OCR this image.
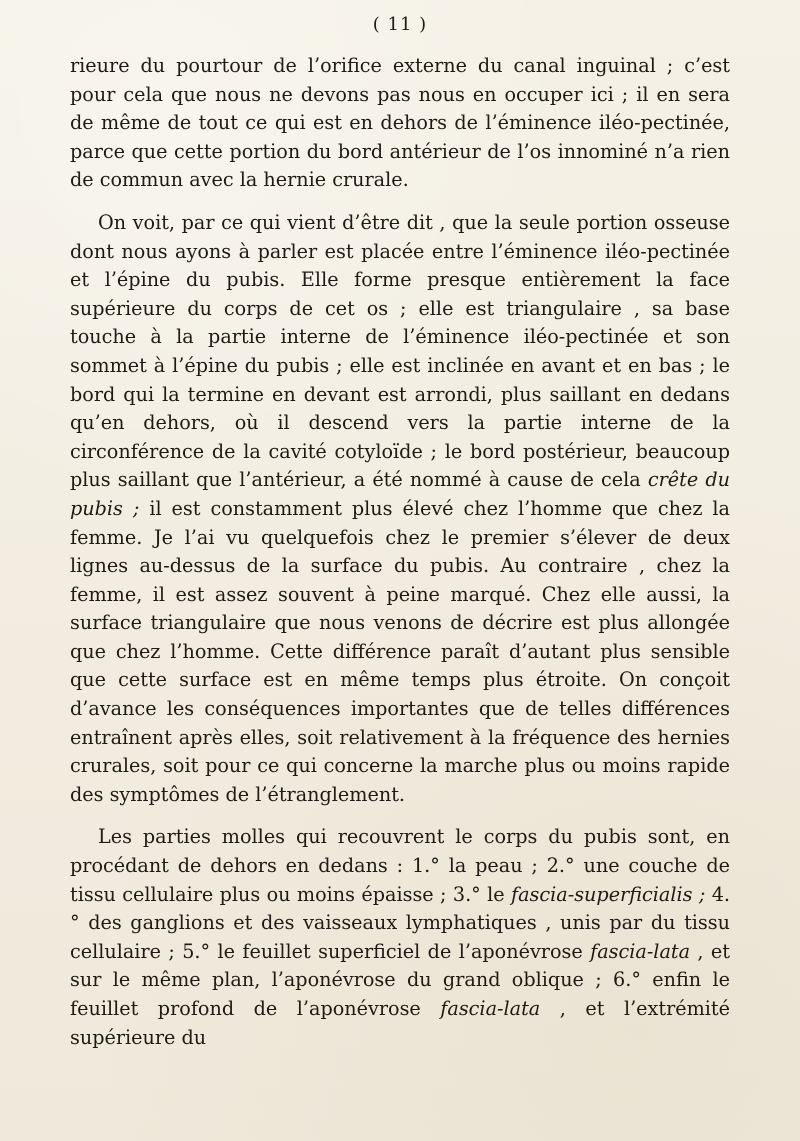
( 11 )

rieure du pourtour de l’orifice externe du canal inguinal ; c’est pour cela que nous ne devons pas nous en occuper ici ; il en sera de même de tout ce qui est en dehors de l’éminence iléo-pectinée, parce que cette portion du bord antérieur de l’os innominé n’a rien de commun avec la hernie crurale.

On voit, par ce qui vient d’être dit , que la seule portion osseuse dont nous ayons à parler est placée entre l’éminence iléo-pectinée et l’épine du pubis. Elle forme presque entièrement la face supérieure du corps de cet os ; elle est triangulaire , sa base touche à la partie interne de l’éminence iléo-pectinée et son sommet à l’épine du pubis ; elle est inclinée en avant et en bas ; le bord qui la termine en devant est arrondi, plus saillant en dedans qu’en dehors, où il descend vers la partie interne de la circonférence de la cavité cotyloïde ; le bord postérieur, beaucoup plus saillant que l’antérieur, a été nommé à cause de cela crête du pubis ; il est constamment plus élevé chez l’homme que chez la femme. Je l’ai vu quelquefois chez le premier s’élever de deux lignes au-dessus de la surface du pubis. Au contraire , chez la femme, il est assez souvent à peine marqué. Chez elle aussi, la surface triangulaire que nous venons de décrire est plus allongée que chez l’homme. Cette différence paraît d’autant plus sensible que cette surface est en même temps plus étroite. On conçoit d’avance les conséquences importantes que de telles différences entraînent après elles, soit relativement à la fréquence des hernies crurales, soit pour ce qui concerne la marche plus ou moins rapide des symptômes de l’étranglement.

Les parties molles qui recouvrent le corps du pubis sont, en procédant de dehors en dedans : 1.° la peau ; 2.° une couche de tissu cellulaire plus ou moins épaisse ; 3.° le fascia-superficialis ; 4.° des ganglions et des vaisseaux lymphatiques , unis par du tissu cellulaire ; 5.° le feuillet superficiel de l’aponévrose fascia-lata , et sur le même plan, l’aponévrose du grand oblique ; 6.° enfin le feuillet profond de l’aponévrose fascia-lata , et l’extrémité supérieure du
